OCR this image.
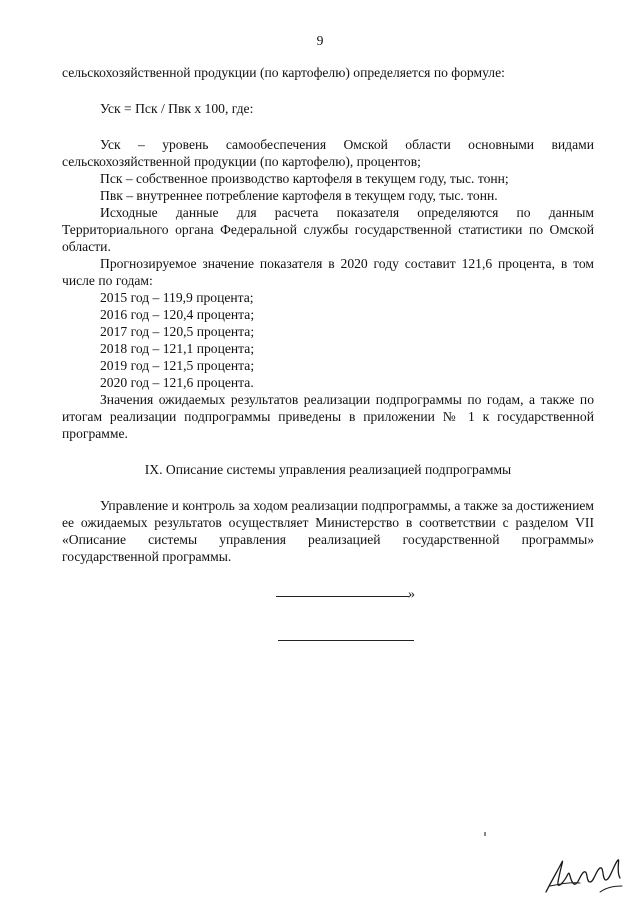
9

сельскохозяйственной продукции (по картофелю) определяется по формуле:

Уск = Пск / Пвк х 100, где:

Уск – уровень самообеспечения Омской области основными видами сельскохозяйственной продукции (по картофелю), процентов;

Пск – собственное производство картофеля в текущем году, тыс. тонн;

Пвк – внутреннее потребление картофеля в текущем году, тыс. тонн.

Исходные данные для расчета показателя определяются по данным Территориального органа Федеральной службы государственной статистики по Омской области.

Прогнозируемое значение показателя в 2020 году составит 121,6 процента, в том числе по годам:

2015 год – 119,9 процента;

2016 год – 120,4 процента;

2017 год – 120,5 процента;

2018 год – 121,1 процента;

2019 год – 121,5 процента;

2020 год – 121,6 процента.

Значения ожидаемых результатов реализации подпрограммы по годам, а также по итогам реализации подпрограммы приведены в приложении № 1 к государственной программе.

IX. Описание системы управления реализацией подпрограммы

Управление и контроль за ходом реализации подпрограммы, а также за достижением ее ожидаемых результатов осуществляет Министерство в соответствии с разделом VII «Описание системы управления реализацией государственной программы» государственной программы.

»
